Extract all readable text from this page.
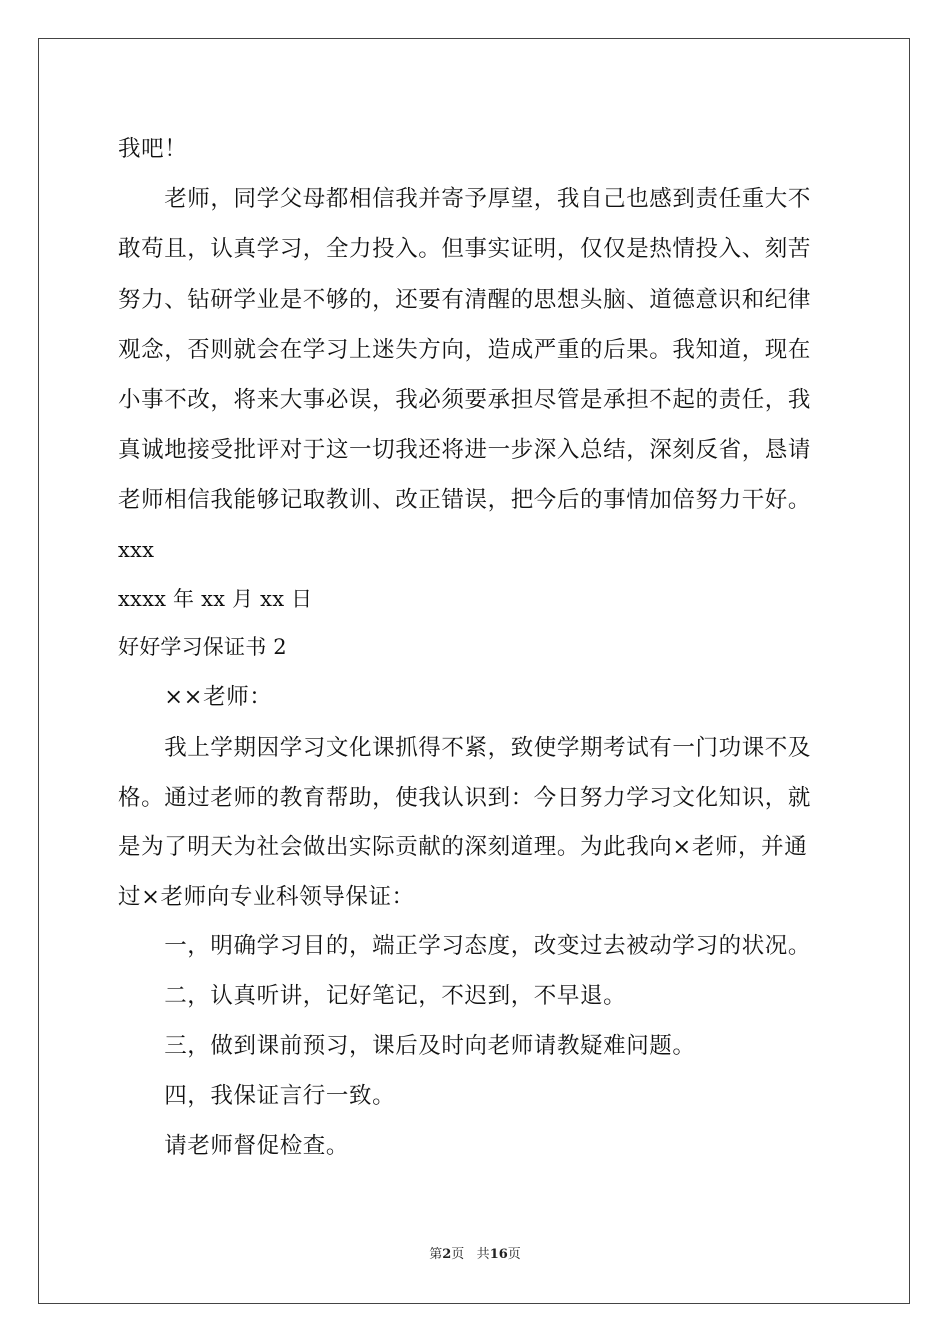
我吧！
　　老师，同学父母都相信我并寄予厚望，我自己也感到责任重大不
敢苟且，认真学习，全力投入。但事实证明，仅仅是热情投入、刻苦
努力、钻研学业是不够的，还要有清醒的思想头脑、道德意识和纪律
观念，否则就会在学习上迷失方向，造成严重的后果。我知道，现在
小事不改，将来大事必误，我必须要承担尽管是承担不起的责任，我
真诚地接受批评对于这一切我还将进一步深入总结，深刻反省，恳请
老师相信我能够记取教训、改正错误，把今后的事情加倍努力干好。
xxx
xxxx 年 xx 月 xx 日
好好学习保证书 2
　　××老师：
　　我上学期因学习文化课抓得不紧，致使学期考试有一门功课不及
格。通过老师的教育帮助，使我认识到：今日努力学习文化知识，就
是为了明天为社会做出实际贡献的深刻道理。为此我向×老师，并通
过×老师向专业科领导保证：
　　一，明确学习目的，端正学习态度，改变过去被动学习的状况。
　　二，认真听讲，记好笔记，不迟到，不早退。
　　三，做到课前预习，课后及时向老师请教疑难问题。
　　四，我保证言行一致。
　　请老师督促检查。
第2页 共16页
